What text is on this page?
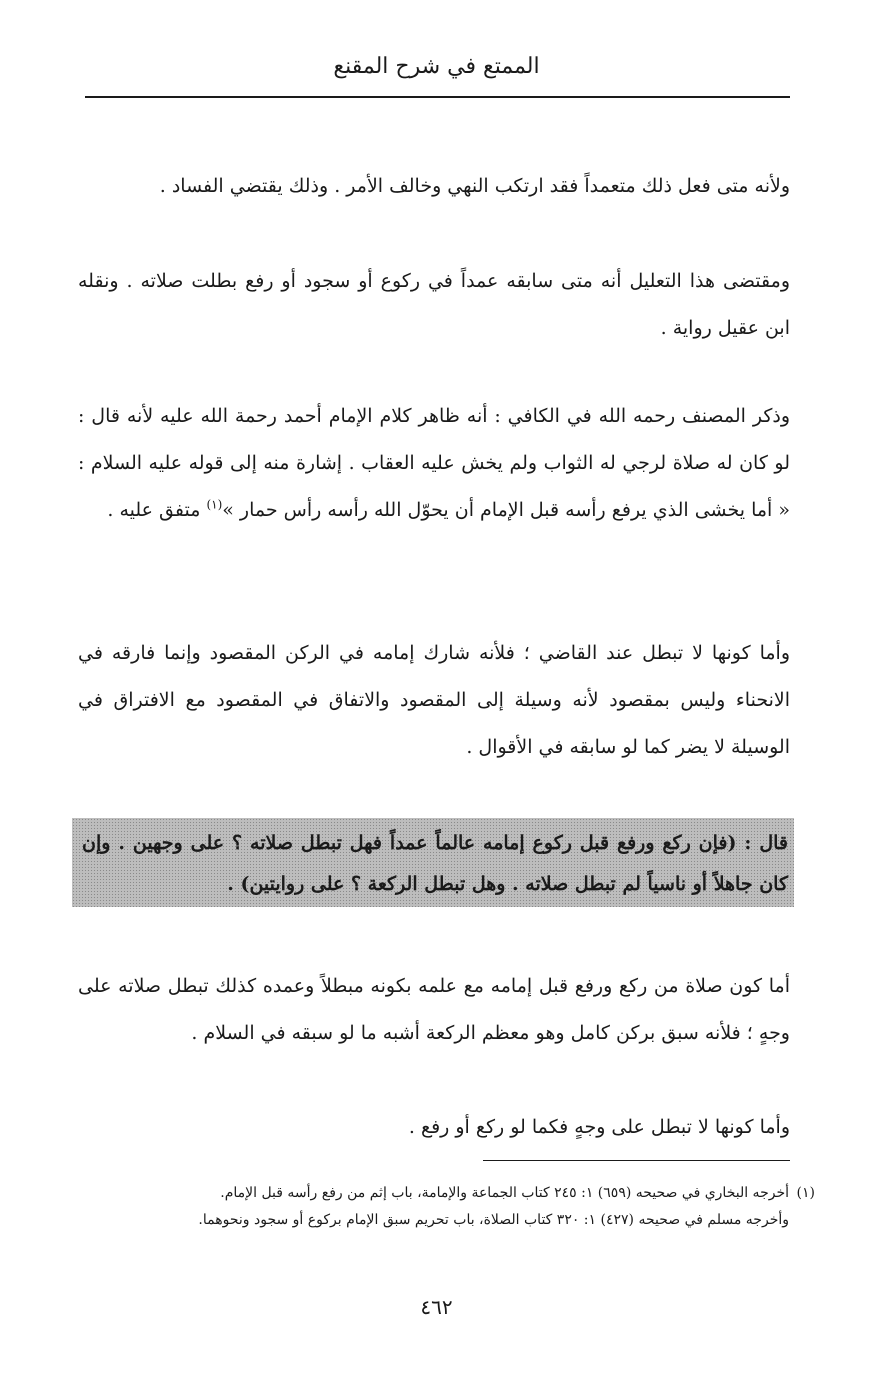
الممتع في شرح المقنع

ولأنه متى فعل ذلك متعمداً فقد ارتكب النهي وخالف الأمر . وذلك يقتضي الفساد .

ومقتضى هذا التعليل أنه متى سابقه عمداً في ركوع أو سجود أو رفع بطلت صلاته . ونقله ابن عقيل رواية .

وذكر المصنف رحمه الله في الكافي : أنه ظاهر كلام الإمام أحمد رحمة الله عليه لأنه قال : لو كان له صلاة لرجي له الثواب ولم يخش عليه العقاب . إشارة منه إلى قوله عليه السلام : « أما يخشى الذي يرفع رأسه قبل الإمام أن يحوّل الله رأسه رأس حمار »$^{(١)}$ متفق عليه .

وأما كونها لا تبطل عند القاضي ؛ فلأنه شارك إمامه في الركن المقصود وإنما فارقه في الانحناء وليس بمقصود لأنه وسيلة إلى المقصود والاتفاق في المقصود مع الافتراق في الوسيلة لا يضر كما لو سابقه في الأقوال .

قال : (فإن ركع ورفع قبل ركوع إمامه عالماً عمداً فهل تبطل صلاته ؟ على وجهين . وإن كان جاهلاً أو ناسياً لم تبطل صلاته . وهل تبطل الركعة ؟ على روايتين) .

أما كون صلاة من ركع ورفع قبل إمامه مع علمه بكونه مبطلاً وعمده كذلك تبطل صلاته على وجهٍ ؛ فلأنه سبق بركن كامل وهو معظم الركعة أشبه ما لو سبقه في السلام .

وأما كونها لا تبطل على وجهٍ فكما لو ركع أو رفع .

(١)
أخرجه البخاري في صحيحه (٦٥٩) ١: ٢٤٥ كتاب الجماعة والإمامة، باب إثم من رفع رأسه قبل الإمام.
وأخرجه مسلم في صحيحه (٤٢٧) ١: ٣٢٠ كتاب الصلاة، باب تحريم سبق الإمام بركوع أو سجود ونحوهما.
٤٦٢
